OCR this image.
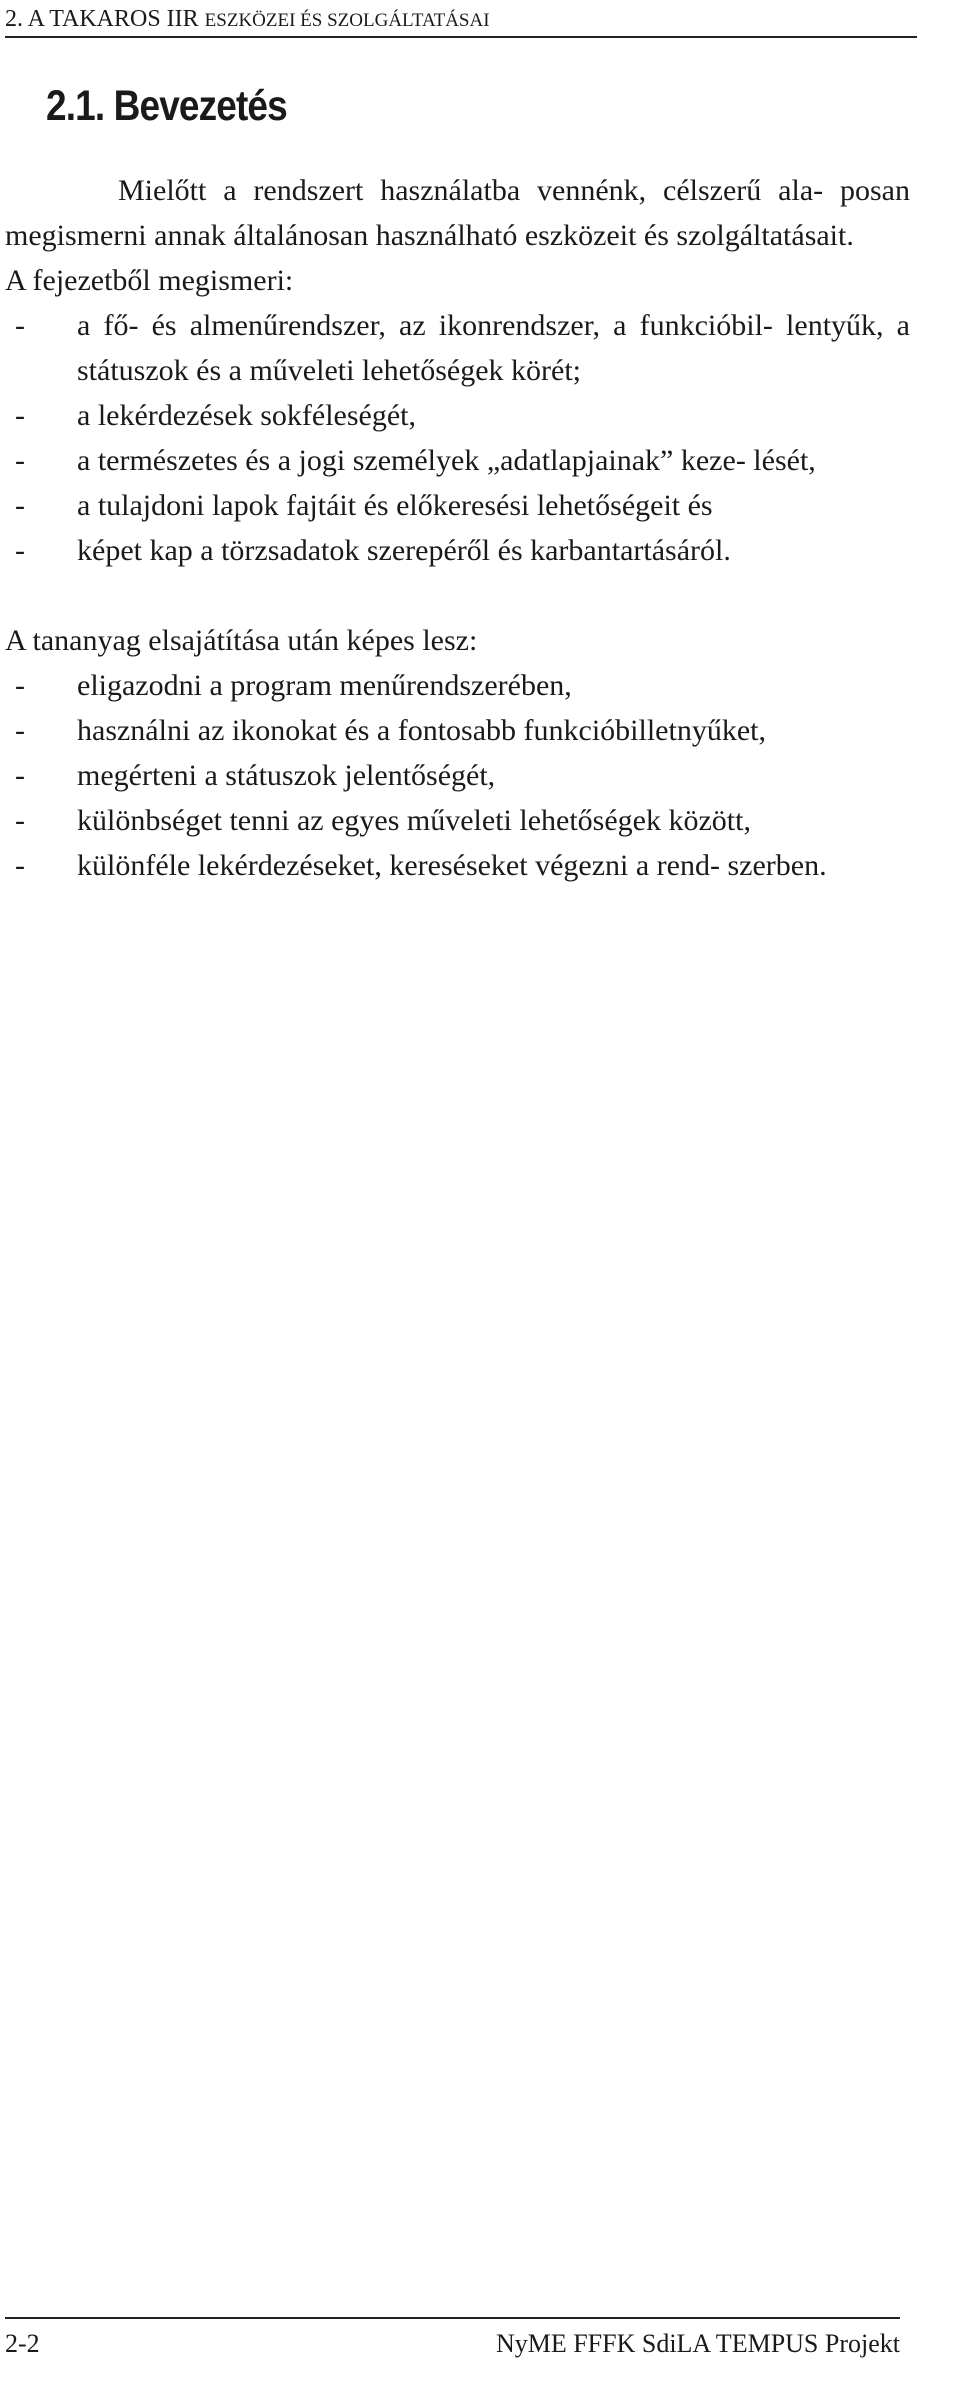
2. A TAKAROS IIR ESZKÖZEI ÉS SZOLGÁLTATÁSAI
2.1. Bevezetés

Mielőtt a rendszert használatba vennénk, célszerű ala- posan megismerni annak általánosan használható eszközeit és szolgáltatásait.

A fejezetből megismeri:

- a fő- és almenűrendszer, az ikonrendszer, a funkcióbil- lentyűk, a státuszok és a műveleti lehetőségek körét;
- a lekérdezések sokféleségét,
- a természetes és a jogi személyek „adatlapjainak” keze- lését,
- a tulajdoni lapok fajtáit és előkeresési lehetőségeit és
- képet kap a törzsadatok szerepéről és karbantartásáról.

A tananyag elsajátítása után képes lesz:

- eligazodni a program menűrendszerében,
- használni az ikonokat és a fontosabb funkcióbilletnyűket,
- megérteni a státuszok jelentőségét,
- különbséget tenni az egyes műveleti lehetőségek között,
- különféle lekérdezéseket, kereséseket végezni a rend- szerben.
2-2	NyME FFFK SdiLA TEMPUS Projekt
